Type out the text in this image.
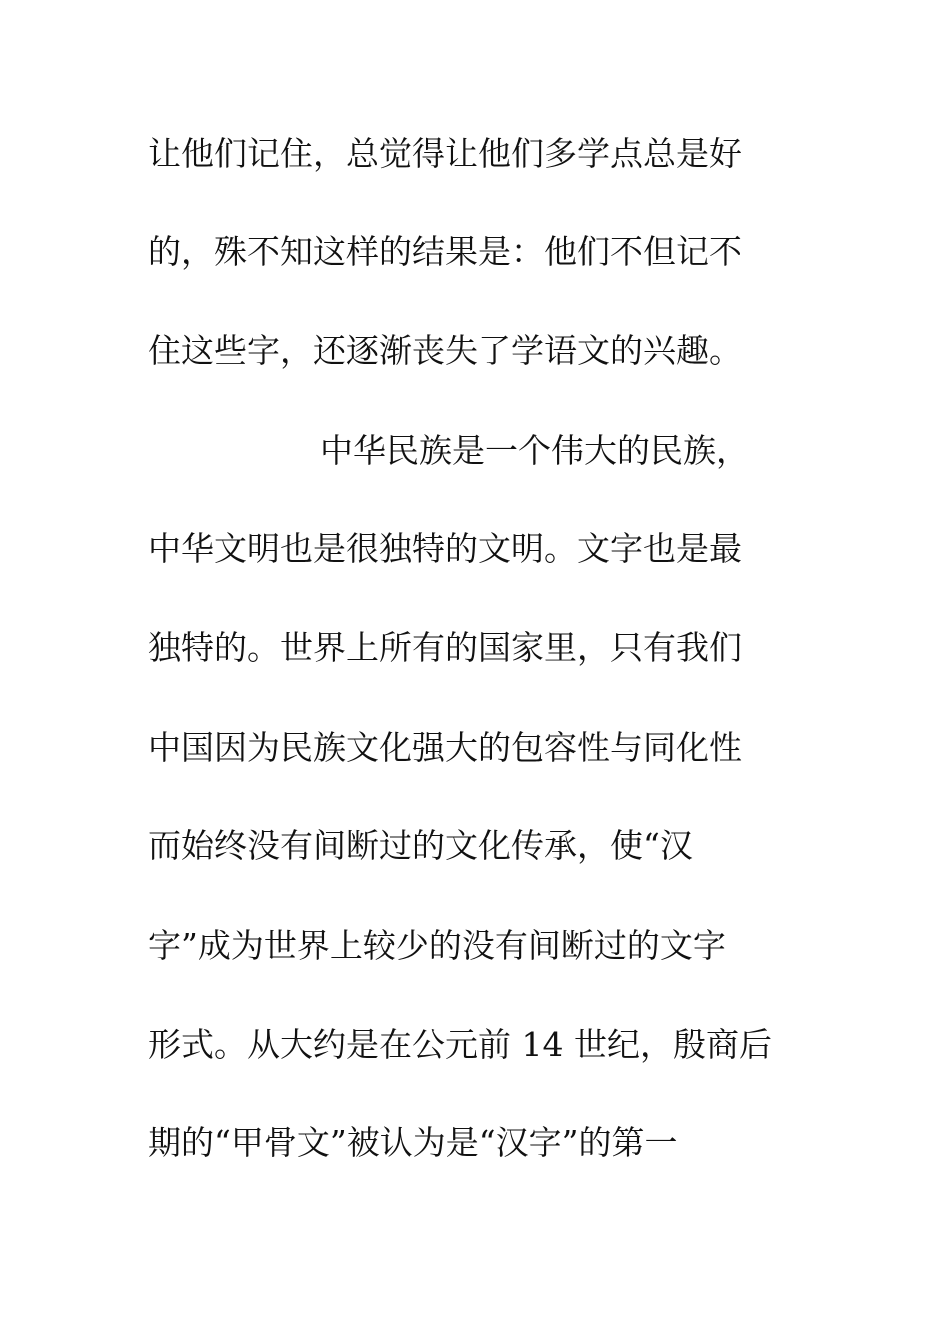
让他们记住，总觉得让他们多学点总是好
的，殊不知这样的结果是：他们不但记不
住这些字，还逐渐丧失了学语文的兴趣。
中华民族是一个伟大的民族，
中华文明也是很独特的文明。文字也是最
独特的。世界上所有的国家里，只有我们
中国因为民族文化强大的包容性与同化性
而始终没有间断过的文化传承，使“汉
字”成为世界上较少的没有间断过的文字
形式。从大约是在公元前 14 世纪，殷商后
期的“甲骨文”被认为是“汉字”的第一
